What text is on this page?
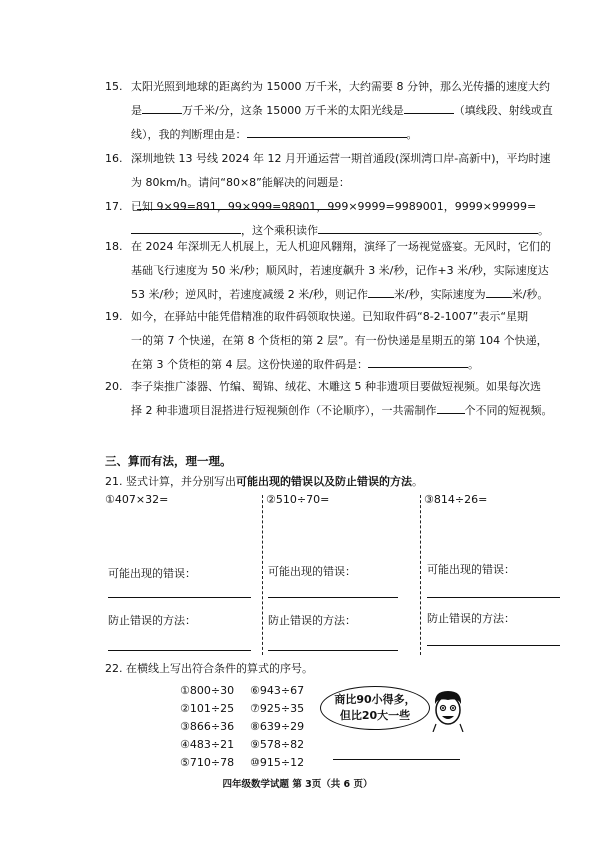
15. 太阳光照到地球的距离约为 15000 万千米，大约需要 8 分钟，那么光传播的速度大约
是	万千米/分，这条 15000 万千米的太阳光线是	（填线段、射线或直
线），我的判断理由是：	。
16. 深圳地铁 13 号线 2024 年 12 月开通运营一期首通段(深圳湾口岸-高新中)，平均时速
为 80km/h。请问“80×8”能解决的问题是：
17. 已知 9×99=891，99×999=98901，999×9999=9989001，9999×99999=
，这个乘积读作	。
18. 在 2024 年深圳无人机展上，无人机迎风翱翔，演绎了一场视觉盛宴。无风时，它们的
基础飞行速度为 50 米/秒；顺风时，若速度飙升 3 米/秒，记作+3 米/秒，实际速度达
53 米/秒；逆风时，若速度减缓 2 米/秒，则记作 米/秒，实际速度为 米/秒。
19. 如今，在驿站中能凭借精准的取件码领取快递。已知取件码“8-2-1007”表示“星期
一的第 7 个快递，在第 8 个货柜的第 2 层”。有一份快递是星期五的第 104 个快递，
在第 3 个货柜的第 4 层。这份快递的取件码是：	。
20. 李子柒推广漆器、竹编、蜀锦、绒花、木雕这 5 种非遗项目要做短视频。如果每次选
择 2 种非遗项目混搭进行短视频创作（不论顺序），一共需制作	个不同的短视频。
三、算而有法，理一理。
21. 竖式计算，并分别写出可能出现的错误以及防止错误的方法。
①407×32=	②510÷70=	③814÷26=
可能出现的错误：
防止错误的方法：
可能出现的错误：
防止错误的方法：
可能出现的错误：
防止错误的方法：
22. 在横线上写出符合条件的算式的序号。
①800÷30
②101÷25
③866÷36
④483÷21
⑤710÷78
⑥943÷67
⑦925÷35
⑧639÷29
⑨578÷82
⑩915÷12
商比90小得多，
但比20大一些
四年级数学试题 第 3页（共 6 页）
